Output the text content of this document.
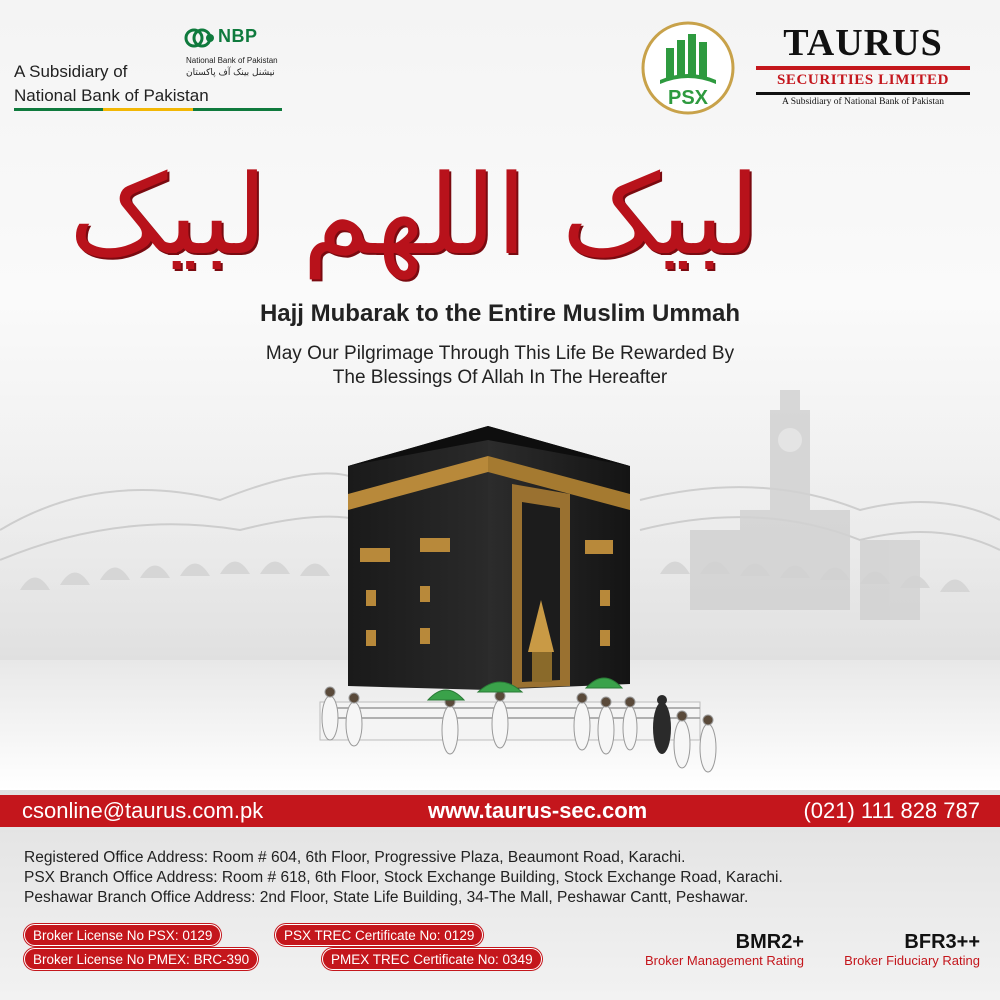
NBP
National Bank of Pakistan
نیشنل بینک آف پاکستان
A Subsidiary of
National Bank of Pakistan	PSX
TAURUS
SECURITIES LIMITED
A Subsidiary of National Bank of Pakistan
لبیک اللھم لبیک
Hajj Mubarak to the Entire Muslim Ummah
May Our Pilgrimage Through This Life Be Rewarded By
The Blessings Of Allah In The Hereafter
csonline@taurus.com.pk	www.taurus-sec.com	(021) 111 828 787
Registered Office Address: Room # 604, 6th Floor, Progressive Plaza, Beaumont Road, Karachi.
PSX Branch Office Address: Room # 618, 6th Floor, Stock Exchange Building, Stock Exchange Road, Karachi.
Peshawar Branch Office Address: 2nd Floor, State Life Building, 34-The Mall, Peshawar Cantt, Peshawar.
Broker License No PSX: 0129	PSX TREC Certificate No: 0129
Broker License No PMEX: BRC-390	PMEX TREC Certificate No: 0349
BMR2+
Broker Management Rating
BFR3++
Broker Fiduciary Rating
